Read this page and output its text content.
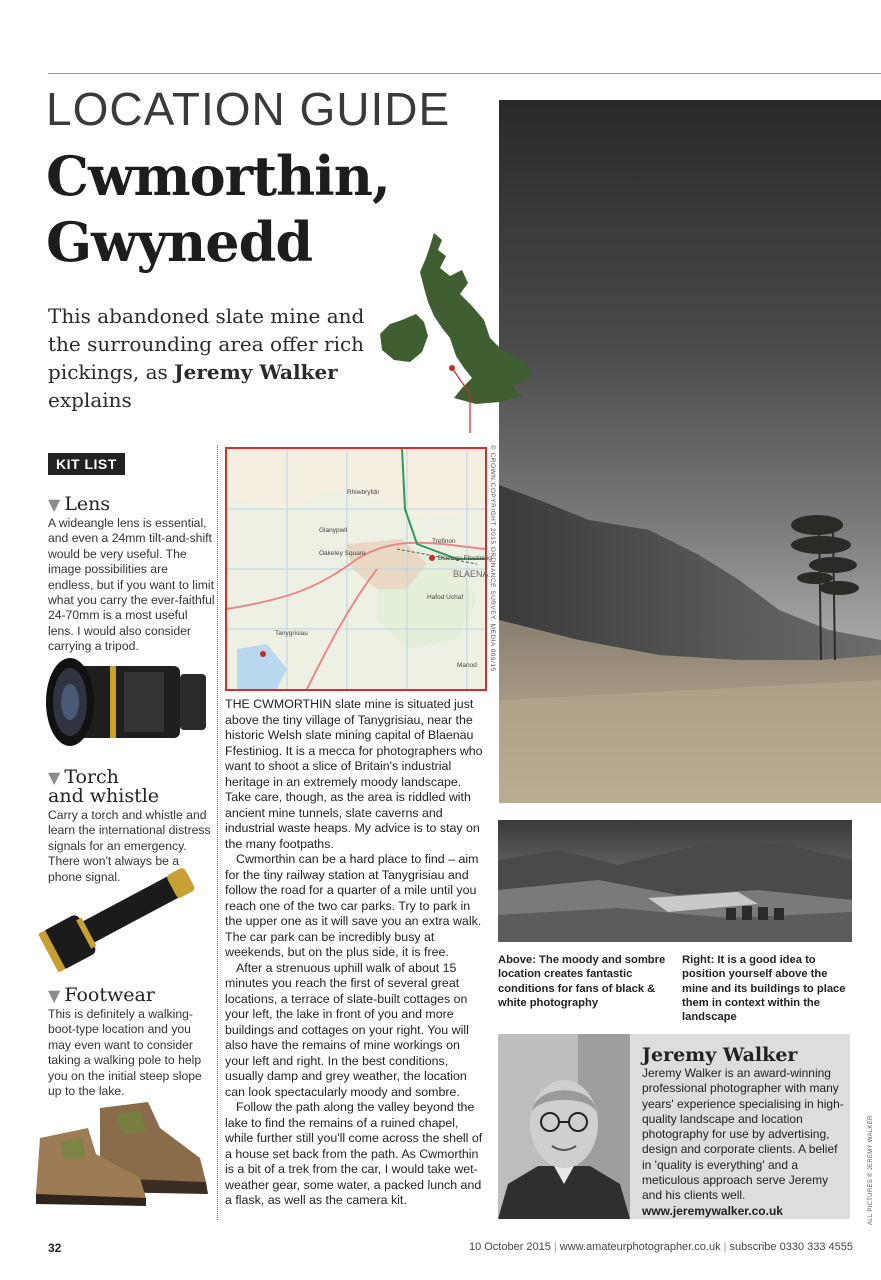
LOCATION GUIDE
Cwmorthin,
Gwynedd
This abandoned slate mine and the surrounding area offer rich pickings, as Jeremy Walker explains
© CROWN COPYRIGHT 2015 ORDNANCE SURVEY. MEDIA 009/15
KIT LIST
▼ Lens
A wideangle lens is essential, and even a 24mm tilt-and-shift would be very useful. The image possibilities are endless, but if you want to limit what you carry the ever-faithful 24-70mm is a most useful lens. I would also consider carrying a tripod.
▼ Torch
and whistle
Carry a torch and whistle and learn the international distress signals for an emergency. There won't always be a phone signal.
▼ Footwear
This is definitely a walking-boot-type location and you may even want to consider taking a walking pole to help you on the initial steep slope up to the lake.
Rhiwbryfdir
Glanypwll
Oakeley Square
Tanygrisiau
Blaenau Ffestiniog
BLAENA
Trefinon
Manod
Hafod Uchaf

THE CWMORTHIN slate mine is situated just above the tiny village of Tanygrisiau, near the historic Welsh slate mining capital of Blaenau Ffestiniog. It is a mecca for photographers who want to shoot a slice of Britain's industrial heritage in an extremely moody landscape. Take care, though, as the area is riddled with ancient mine tunnels, slate caverns and industrial waste heaps. My advice is to stay on the many footpaths.

Cwmorthin can be a hard place to find – aim for the tiny railway station at Tanygrisiau and follow the road for a quarter of a mile until you reach one of the two car parks. Try to park in the upper one as it will save you an extra walk. The car park can be incredibly busy at weekends, but on the plus side, it is free.

After a strenuous uphill walk of about 15 minutes you reach the first of several great locations, a terrace of slate-built cottages on your left, the lake in front of you and more buildings and cottages on your right. You will also have the remains of mine workings on your left and right. In the best conditions, usually damp and grey weather, the location can look spectacularly moody and sombre.

Follow the path along the valley beyond the lake to find the remains of a ruined chapel, while further still you'll come across the shell of a house set back from the path. As Cwmorthin is a bit of a trek from the car, I would take wet-weather gear, some water, a packed lunch and a flask, as well as the camera kit.

Above: The moody and sombre location creates fantastic conditions for fans of black & white photography
Right: It is a good idea to position yourself above the mine and its buildings to place them in context within the landscape
Jeremy Walker
Jeremy Walker is an award-winning professional photographer with many years' experience specialising in high-quality landscape and location photography for use by advertising, design and corporate clients. A belief in 'quality is everything' and a meticulous approach serve Jeremy and his clients well.
www.jeremywalker.co.uk	ALL PICTURES © JEREMY WALKER
32	10 October 2015 | www.amateurphotographer.co.uk | subscribe 0330 333 4555
